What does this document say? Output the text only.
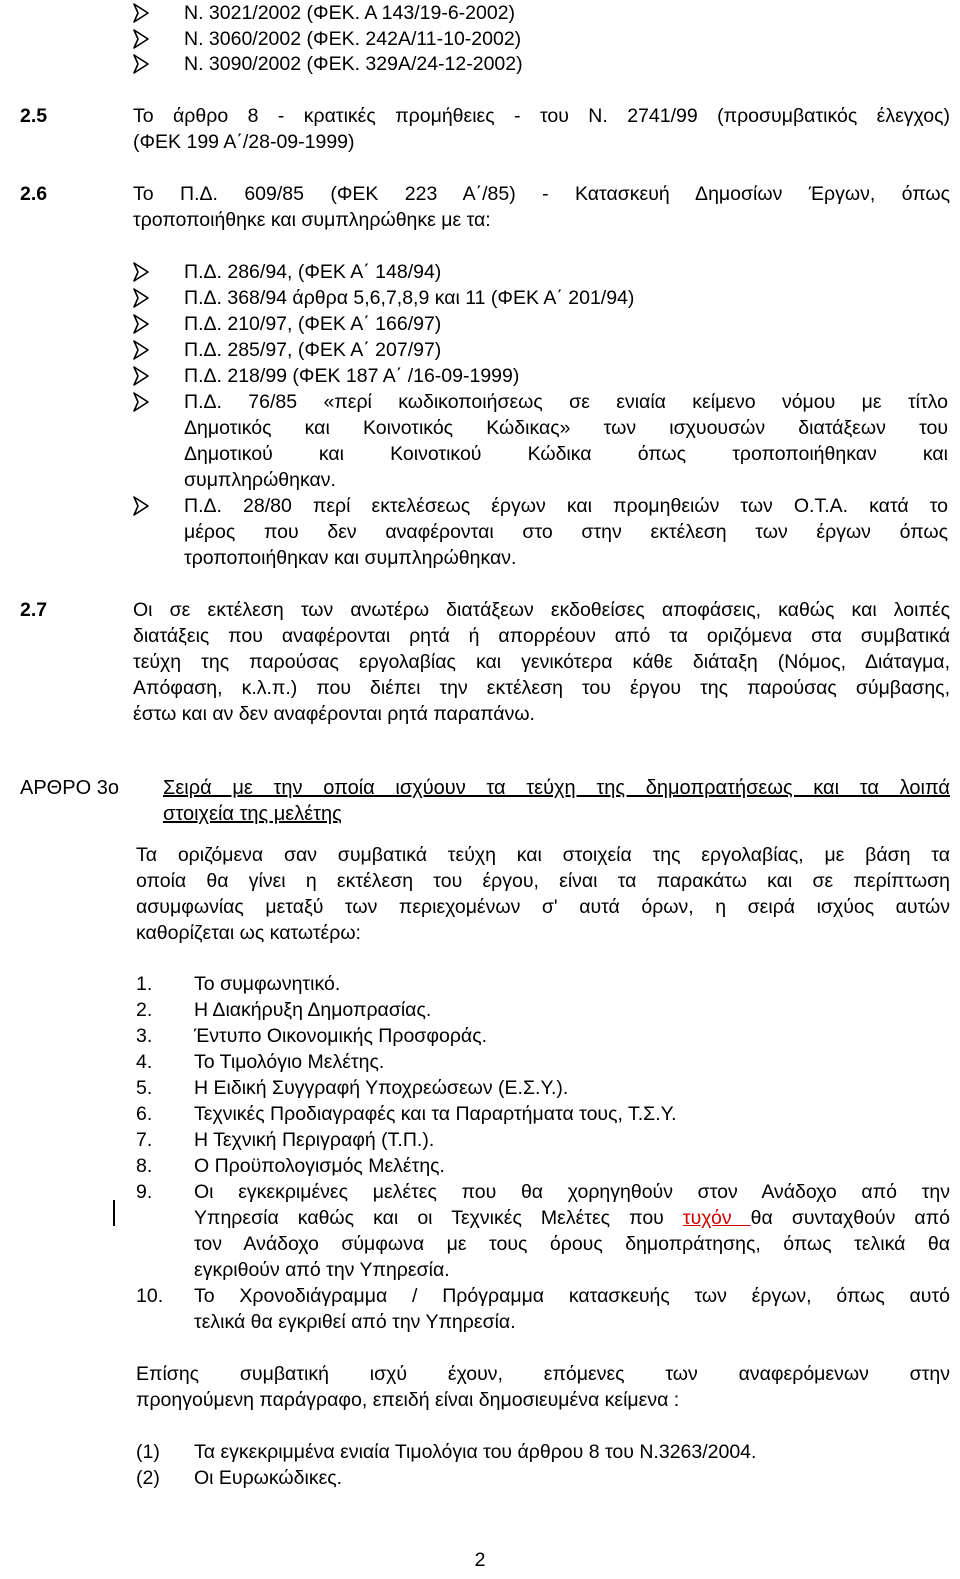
Ν. 3021/2002 (ΦΕΚ. Α 143/19-6-2002)
Ν. 3060/2002 (ΦΕΚ. 242Α/11-10-2002)
Ν. 3090/2002 (ΦΕΚ. 329Α/24-12-2002)
2.5	Το άρθρο 8 - κρατικές προμήθειες - του Ν. 2741/99 (προσυμβατικός έλεγχος)
(ΦΕΚ 199 Α΄/28-09-1999)
2.6	Το Π.Δ. 609/85 (ΦΕΚ 223 Α΄/85) - Κατασκευή Δημοσίων Έργων, όπως
τροποποιήθηκε και συμπληρώθηκε με τα:
Π.Δ. 286/94, (ΦΕΚ Α΄ 148/94)
Π.Δ. 368/94 άρθρα 5,6,7,8,9 και 11 (ΦΕΚ Α΄ 201/94)
Π.Δ. 210/97, (ΦΕΚ Α΄ 166/97)
Π.Δ. 285/97, (ΦΕΚ Α΄ 207/97)
Π.Δ. 218/99 (ΦΕΚ 187 Α΄ /16-09-1999)
Π.Δ. 76/85 «περί κωδικοποιήσεως σε ενιαία κείμενο νόμου με τίτλο
Δημοτικός και Κοινοτικός Κώδικας» των ισχυουσών διατάξεων του
Δημοτικού και Κοινοτικού Κώδικα όπως τροποποιήθηκαν και
συμπληρώθηκαν.
Π.Δ. 28/80 περί εκτελέσεως έργων και προμηθειών των Ο.Τ.Α. κατά το
μέρος που δεν αναφέρονται στο στην εκτέλεση των έργων όπως
τροποποιήθηκαν και συμπληρώθηκαν.
2.7	Οι σε εκτέλεση των ανωτέρω διατάξεων εκδοθείσες αποφάσεις, καθώς και λοιπές
διατάξεις που αναφέρονται ρητά ή απορρέουν από τα οριζόμενα στα συμβατικά
τεύχη της παρούσας εργολαβίας και γενικότερα κάθε διάταξη (Νόμος, Διάταγμα,
Απόφαση, κ.λ.π.) που διέπει την εκτέλεση του έργου της παρούσας σύμβασης,
έστω και αν δεν αναφέρονται ρητά παραπάνω.
ΑΡΘΡΟ 3ο Σειρά με την οποία ισχύουν τα τεύχη της δημοπρατήσεως και τα λοιπά
στοιχεία της μελέτης
Τα οριζόμενα σαν συμβατικά τεύχη και στοιχεία της εργολαβίας, με βάση τα
οποία θα γίνει η εκτέλεση του έργου, είναι τα παρακάτω και σε περίπτωση
ασυμφωνίας μεταξύ των περιεχομένων σ' αυτά όρων, η σειρά ισχύος αυτών
καθορίζεται ως κατωτέρω:
1. Το συμφωνητικό.
2. Η Διακήρυξη Δημοπρασίας.
3. Έντυπο Οικονομικής Προσφοράς.
4. Το Τιμολόγιο Μελέτης.
5. Η Ειδική Συγγραφή Υποχρεώσεων (Ε.Σ.Υ.).
6. Τεχνικές Προδιαγραφές και τα Παραρτήματα τους, Τ.Σ.Υ.
7. Η Τεχνική Περιγραφή (Τ.Π.).
8. Ο Προϋπολογισμός Μελέτης.
9. Οι εγκεκριμένες μελέτες που θα χορηγηθούν στον Ανάδοχο από την
Υπηρεσία καθώς και οι Τεχνικές Μελέτες που τυχόν θα συνταχθούν από
τον Ανάδοχο σύμφωνα με τους όρους δημοπράτησης, όπως τελικά θα
εγκριθούν από την Υπηρεσία.
10. Το Χρονοδιάγραμμα / Πρόγραμμα κατασκευής των έργων, όπως αυτό
τελικά θα εγκριθεί από την Υπηρεσία.
Επίσης συμβατική ισχύ έχουν, επόμενες των αναφερόμενων στην
προηγούμενη παράγραφο, επειδή είναι δημοσιευμένα κείμενα :
(1) Τα εγκεκριμμένα ενιαία Τιμολόγια του άρθρου 8 του Ν.3263/2004.
(2) Οι Ευρωκώδικες.
2
